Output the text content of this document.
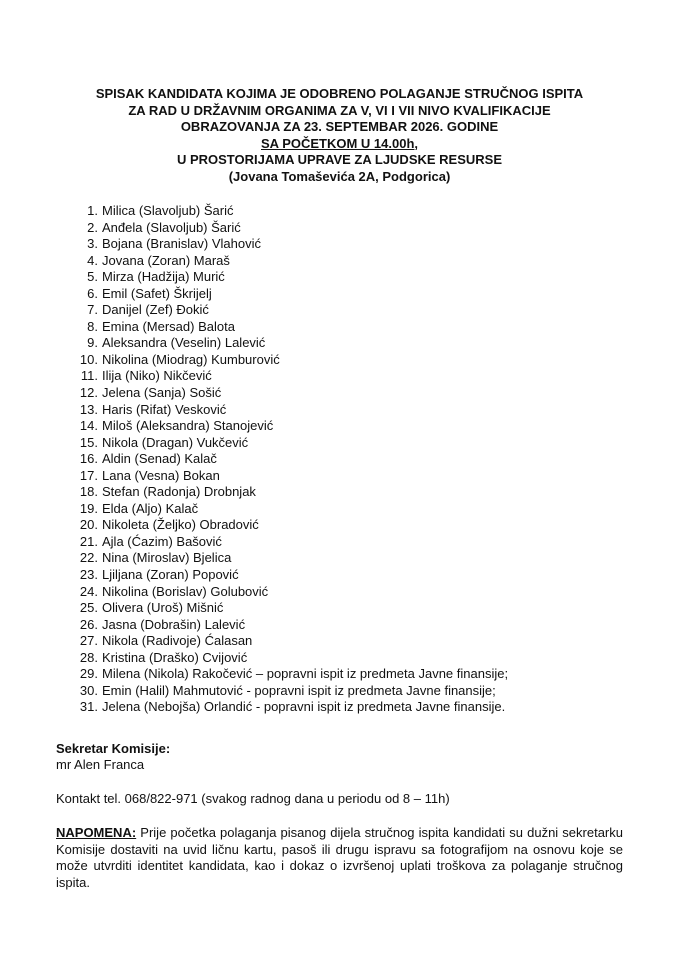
SPISAK KANDIDATA KOJIMA JE ODOBRENO POLAGANJE STRUČNOG ISPITA
ZA RAD U DRŽAVNIM ORGANIMA ZA V, VI I VII NIVO KVALIFIKACIJE
OBRAZOVANJA ZA 23. SEPTEMBAR 2026. GODINE
SA POČETKOM U 14.00h,
U PROSTORIJAMA UPRAVE ZA LJUDSKE RESURSE
(Jovana Tomaševića 2A, Podgorica)
1. Milica (Slavoljub) Šarić
2. Anđela (Slavoljub) Šarić
3. Bojana (Branislav) Vlahović
4. Jovana (Zoran) Maraš
5. Mirza (Hadžija) Murić
6. Emil (Safet) Škrijelj
7. Danijel (Zef) Đokić
8. Emina (Mersad) Balota
9. Aleksandra (Veselin) Lalević
10. Nikolina (Miodrag) Kumburović
11. Ilija (Niko) Nikčević
12. Jelena (Sanja) Sošić
13. Haris (Rifat) Vesković
14. Miloš (Aleksandra) Stanojević
15. Nikola (Dragan) Vukčević
16. Aldin (Senad) Kalač
17. Lana (Vesna) Bokan
18. Stefan (Radonja) Drobnjak
19. Elda (Aljo) Kalač
20. Nikoleta (Željko) Obradović
21. Ajla (Ćazim) Bašović
22. Nina (Miroslav) Bjelica
23. Ljiljana (Zoran) Popović
24. Nikolina (Borislav) Golubović
25. Olivera (Uroš) Mišnić
26. Jasna (Dobrašin) Lalević
27. Nikola (Radivoje) Ćalasan
28. Kristina (Draško) Cvijović
29. Milena (Nikola) Rakočević – popravni ispit iz predmeta Javne finansije;
30. Emin (Halil) Mahmutović - popravni ispit iz predmeta Javne finansije;
31. Jelena (Nebojša) Orlandić - popravni ispit iz predmeta Javne finansije.
Sekretar Komisije:
mr Alen Franca
Kontakt tel. 068/822-971 (svakog radnog dana u periodu od 8 – 11h)
NAPOMENA: Prije početka polaganja pisanog dijela stručnog ispita kandidati su dužni sekretarku Komisije dostaviti na uvid ličnu kartu, pasoš ili drugu ispravu sa fotografijom na osnovu koje se može utvrditi identitet kandidata, kao i dokaz o izvršenoj uplati troškova za polaganje stručnog ispita.
